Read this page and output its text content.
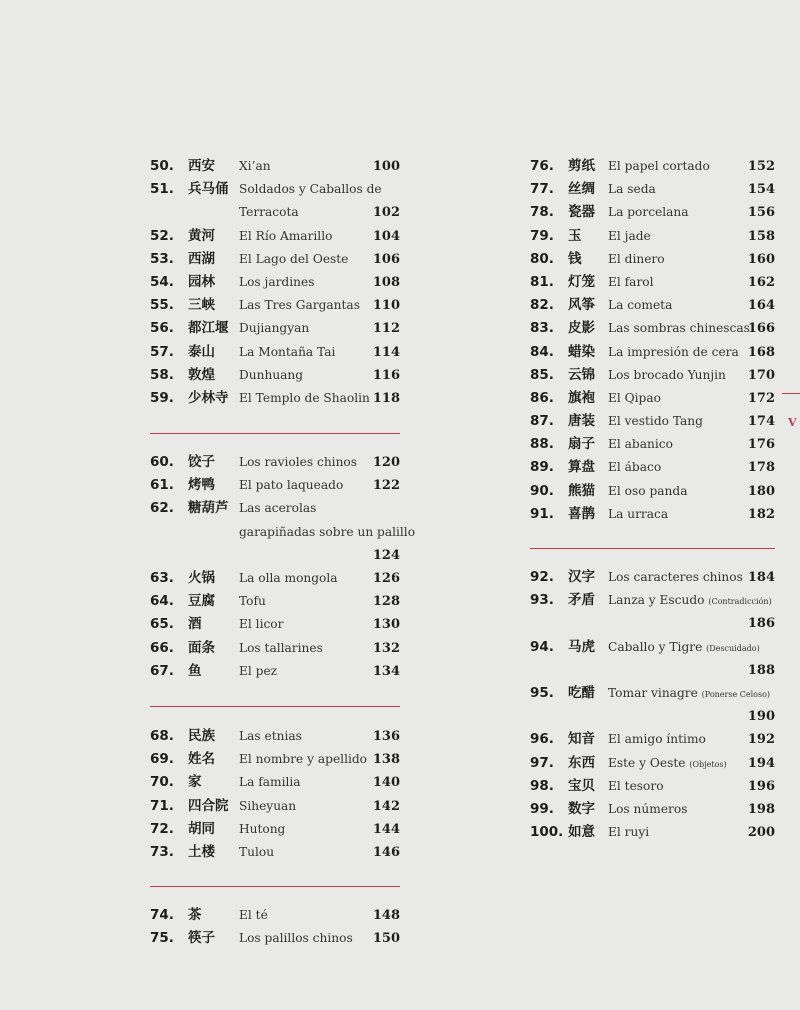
50. 西安 Xi’an	100
51. 兵马俑 Soldados y Caballos de
Terracota	102
52. 黄河 El Río Amarillo	104
53. 西湖 El Lago del Oeste 106
54. 园林 Los jardines	108
55. 三峡 Las Tres Gargantas 110
56. 都江堰 Dujiangyan	112
57. 泰山 La Montaña Tai	114
58. 敦煌 Dunhuang	116
59. 少林寺 El Templo de Shaolin 118
60. 饺子 Los ravioles chinos 120
61. 烤鸭 El pato laqueado 122
62. 糖葫芦 Las acerolas
garapiñadas sobre un palillo
124
63. 火锅 La olla mongola	126
64. 豆腐 Tofu	128
65. 酒	El licor	130
66. 面条 Los tallarines	132
67. 鱼	El pez	134
68. 民族 Las etnias	136
69. 姓名 El nombre y apellido 138
70. 家	La familia	140
71. 四合院 Siheyuan	142
72. 胡同 Hutong	144
73. 土楼 Tulou	146
74. 茶	El té	148
75. 筷子 Los palillos chinos 150
76. 剪纸 El papel cortado	152
77. 丝绸 La seda	154
78. 瓷器 La porcelana	156
79. 玉 El jade	158
80. 钱 El dinero	160
81. 灯笼 El farol	162
82. 风筝 La cometa	164
83. 皮影 Las sombras chinescas
166
84. 蜡染 La impresión de cera 168
85. 云锦 Los brocado Yunjin 170
86. 旗袍 El Qipao	172
87. 唐装 El vestido Tang	174
88. 扇子 El abanico	176
89. 算盘 El ábaco	178
90. 熊猫 El oso panda	180
91. 喜鹊 La urraca	182
92. 汉字 Los caracteres chinos 184
93. 矛盾 Lanza y Escudo (Contradicción)
186
94. 马虎 Caballo y Tigre (Descuidado)
188
95. 吃醋 Tomar vinagre (Ponerse Celoso)
190
96. 知音 El amigo íntimo	192
97. 东西 Este y Oeste (Objetos) 194
98. 宝贝 El tesoro	196
99. 数字 Los números	198
100. 如意 El ruyi	200
V
